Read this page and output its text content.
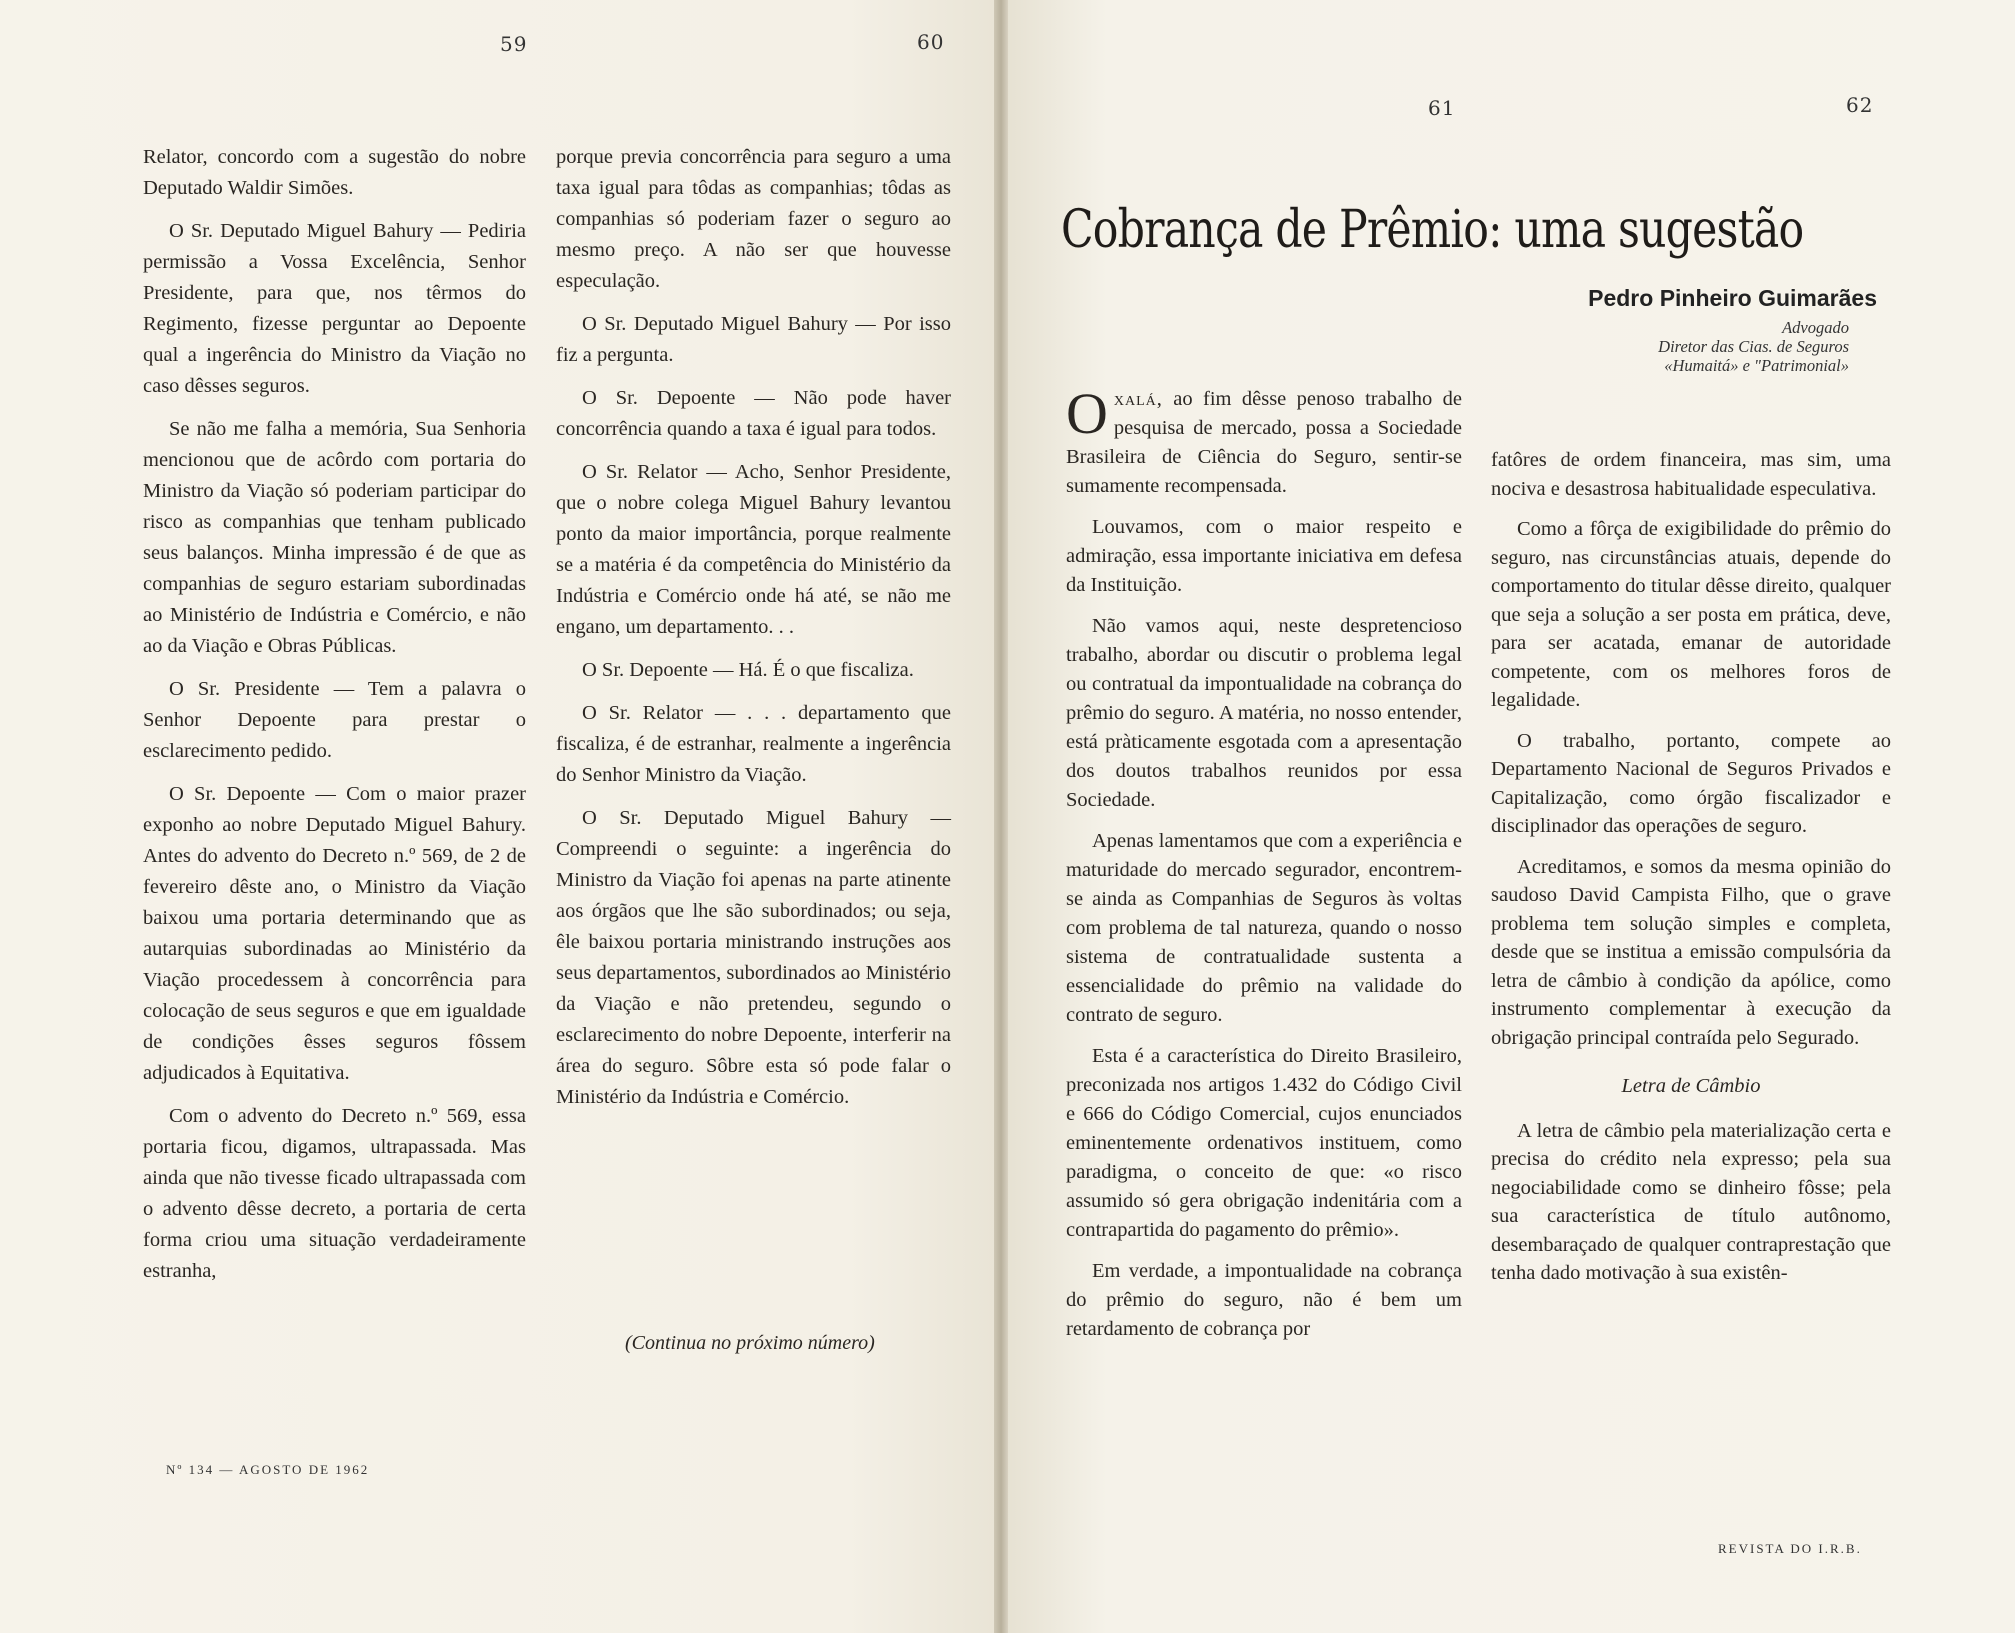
59	60
61	62

Relator, concordo com a sugestão do nobre Deputado Waldir Simões.

O Sr. Deputado Miguel Bahury — Pediria permissão a Vossa Excelência, Senhor Presidente, para que, nos têrmos do Regimento, fizesse perguntar ao Depoente qual a ingerência do Ministro da Viação no caso dêsses seguros.

Se não me falha a memória, Sua Senhoria mencionou que de acôrdo com portaria do Ministro da Viação só poderiam participar do risco as companhias que tenham publicado seus balanços. Minha impressão é de que as companhias de seguro estariam subordinadas ao Ministério de Indústria e Comércio, e não ao da Viação e Obras Públicas.

O Sr. Presidente — Tem a palavra o Senhor Depoente para prestar o esclarecimento pedido.

O Sr. Depoente — Com o maior prazer exponho ao nobre Deputado Miguel Bahury. Antes do advento do Decreto n.º 569, de 2 de fevereiro dêste ano, o Ministro da Viação baixou uma portaria determinando que as autarquias subordinadas ao Ministério da Viação procedessem à concorrência para colocação de seus seguros e que em igualdade de condições êsses seguros fôssem adjudicados à Equitativa.

Com o advento do Decreto n.º 569, essa portaria ficou, digamos, ultrapassada. Mas ainda que não tivesse ficado ultrapassada com o advento dêsse decreto, a portaria de certa forma criou uma situação verdadeiramente estranha,

porque previa concorrência para seguro a uma taxa igual para tôdas as companhias; tôdas as companhias só poderiam fazer o seguro ao mesmo preço. A não ser que houvesse especulação.

O Sr. Deputado Miguel Bahury — Por isso fiz a pergunta.

O Sr. Depoente — Não pode haver concorrência quando a taxa é igual para todos.

O Sr. Relator — Acho, Senhor Presidente, que o nobre colega Miguel Bahury levantou ponto da maior importância, porque realmente se a matéria é da competência do Ministério da Indústria e Comércio onde há até, se não me engano, um departamento. . .

O Sr. Depoente — Há. É o que fiscaliza.

O Sr. Relator — . . . departamento que fiscaliza, é de estranhar, realmente a ingerência do Senhor Ministro da Viação.

O Sr. Deputado Miguel Bahury — Compreendi o seguinte: a ingerência do Ministro da Viação foi apenas na parte atinente aos órgãos que lhe são subordinados; ou seja, êle baixou portaria ministrando instruções aos seus departamentos, subordinados ao Ministério da Viação e não pretendeu, segundo o esclarecimento do nobre Depoente, interferir na área do seguro. Sôbre esta só pode falar o Ministério da Indústria e Comércio.

(Continua no próximo número)
Nº 134 — AGOSTO DE 1962
Cobrança de Prêmio: uma sugestão
Pedro Pinheiro Guimarães
Advogado
Diretor das Cias. de Seguros
«Humaitá» e "Patrimonial»

Oxalá, ao fim dêsse penoso trabalho de pesquisa de mercado, possa a Sociedade Brasileira de Ciência do Seguro, sentir-se sumamente recompensada.

Louvamos, com o maior respeito e admiração, essa importante iniciativa em defesa da Instituição.

Não vamos aqui, neste despretencioso trabalho, abordar ou discutir o problema legal ou contratual da impontualidade na cobrança do prêmio do seguro. A matéria, no nosso entender, está pràticamente esgotada com a apresentação dos doutos trabalhos reunidos por essa Sociedade.

Apenas lamentamos que com a experiência e maturidade do mercado segurador, encontrem-se ainda as Companhias de Seguros às voltas com problema de tal natureza, quando o nosso sistema de contratualidade sustenta a essencialidade do prêmio na validade do contrato de seguro.

Esta é a característica do Direito Brasileiro, preconizada nos artigos 1.432 do Código Civil e 666 do Código Comercial, cujos enunciados eminentemente ordenativos instituem, como paradigma, o conceito de que: «o risco assumido só gera obrigação indenitária com a contrapartida do pagamento do prêmio».

Em verdade, a impontualidade na cobrança do prêmio do seguro, não é bem um retardamento de cobrança por

fatôres de ordem financeira, mas sim, uma nociva e desastrosa habitualidade especulativa.

Como a fôrça de exigibilidade do prêmio do seguro, nas circunstâncias atuais, depende do comportamento do titular dêsse direito, qualquer que seja a solução a ser posta em prática, deve, para ser acatada, emanar de autoridade competente, com os melhores foros de legalidade.

O trabalho, portanto, compete ao Departamento Nacional de Seguros Privados e Capitalização, como órgão fiscalizador e disciplinador das operações de seguro.

Acreditamos, e somos da mesma opinião do saudoso David Campista Filho, que o grave problema tem solução simples e completa, desde que se institua a emissão compulsória da letra de câmbio à condição da apólice, como instrumento complementar à execução da obrigação principal contraída pelo Segurado.

Letra de Câmbio

A letra de câmbio pela materialização certa e precisa do crédito nela expresso; pela sua negociabilidade como se dinheiro fôsse; pela sua característica de título autônomo, desembaraçado de qualquer contraprestação que tenha dado motivação à sua existên-

REVISTA DO I.R.B.
